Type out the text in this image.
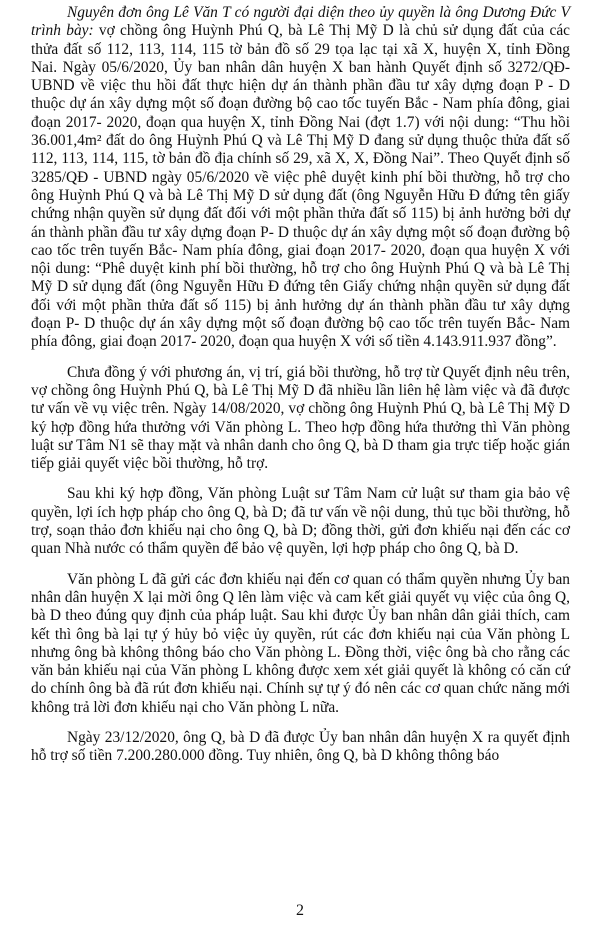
Nguyên đơn ông Lê Văn T có người đại diện theo ủy quyền là ông Dương Đức V trình bày: vợ chồng ông Huỳnh Phú Q, bà Lê Thị Mỹ D là chủ sử dụng đất của các thửa đất số 112, 113, 114, 115 tờ bản đồ số 29 tọa lạc tại xã X, huyện X, tỉnh Đồng Nai. Ngày 05/6/2020, Ủy ban nhân dân huyện X ban hành Quyết định số 3272/QĐ- UBND về việc thu hồi đất thực hiện dự án thành phần đầu tư xây dựng đoạn P - D thuộc dự án xây dựng một số đoạn đường bộ cao tốc tuyến Bắc - Nam phía đông, giai đoạn 2017- 2020, đoạn qua huyện X, tỉnh Đồng Nai (đợt 1.7) với nội dung: “Thu hồi 36.001,4m² đất do ông Huỳnh Phú Q và Lê Thị Mỹ D đang sử dụng thuộc thửa đất số 112, 113, 114, 115, tờ bản đồ địa chính số 29, xã X, X, Đồng Nai”. Theo Quyết định số 3285/QĐ - UBND ngày 05/6/2020 về việc phê duyệt kinh phí bồi thường, hỗ trợ cho ông Huỳnh Phú Q và bà Lê Thị Mỹ D sử dụng đất (ông Nguyễn Hữu Đ đứng tên giấy chứng nhận quyền sử dụng đất đối với một phần thửa đất số 115) bị ảnh hưởng bởi dự án thành phần đầu tư xây dựng đoạn P- D thuộc dự án xây dựng một số đoạn đường bộ cao tốc trên tuyến Bắc- Nam phía đông, giai đoạn 2017- 2020, đoạn qua huyện X với nội dung: “Phê duyệt kinh phí bồi thường, hỗ trợ cho ông Huỳnh Phú Q và bà Lê Thị Mỹ D sử dụng đất (ông Nguyễn Hữu Đ đứng tên Giấy chứng nhận quyền sử dụng đất đối với một phần thửa đất số 115) bị ảnh hưởng dự án thành phần đầu tư xây dựng đoạn P- D thuộc dự án xây dựng một số đoạn đường bộ cao tốc trên tuyến Bắc- Nam phía đông, giai đoạn 2017- 2020, đoạn qua huyện X với số tiền 4.143.911.937 đồng”.

Chưa đồng ý với phương án, vị trí, giá bồi thường, hỗ trợ từ Quyết định nêu trên, vợ chồng ông Huỳnh Phú Q, bà Lê Thị Mỹ D đã nhiều lần liên hệ làm việc và đã được tư vấn về vụ việc trên. Ngày 14/08/2020, vợ chồng ông Huỳnh Phú Q, bà Lê Thị Mỹ D ký hợp đồng hứa thưởng với Văn phòng L. Theo hợp đồng hứa thưởng thì Văn phòng luật sư Tâm N1 sẽ thay mặt và nhân danh cho ông Q, bà D tham gia trực tiếp hoặc gián tiếp giải quyết việc bồi thường, hỗ trợ.

Sau khi ký hợp đồng, Văn phòng Luật sư Tâm Nam cử luật sư tham gia bảo vệ quyền, lợi ích hợp pháp cho ông Q, bà D; đã tư vấn về nội dung, thủ tục bồi thường, hỗ trợ, soạn thảo đơn khiếu nại cho ông Q, bà D; đồng thời, gửi đơn khiếu nại đến các cơ quan Nhà nước có thẩm quyền để bảo vệ quyền, lợi hợp pháp cho ông Q, bà D.

Văn phòng L đã gửi các đơn khiếu nại đến cơ quan có thẩm quyền nhưng Ủy ban nhân dân huyện X lại mời ông Q lên làm việc và cam kết giải quyết vụ việc của ông Q, bà D theo đúng quy định của pháp luật. Sau khi được Ủy ban nhân dân giải thích, cam kết thì ông bà lại tự ý hủy bỏ việc ủy quyền, rút các đơn khiếu nại của Văn phòng L nhưng ông bà không thông báo cho Văn phòng L. Đồng thời, việc ông bà cho rằng các văn bản khiếu nại của Văn phòng L không được xem xét giải quyết là không có căn cứ do chính ông bà đã rút đơn khiếu nại. Chính sự tự ý đó nên các cơ quan chức năng mới không trả lời đơn khiếu nại cho Văn phòng L nữa.

Ngày 23/12/2020, ông Q, bà D đã được Ủy ban nhân dân huyện X ra quyết định hỗ trợ số tiền 7.200.280.000 đồng. Tuy nhiên, ông Q, bà D không thông báo

2
